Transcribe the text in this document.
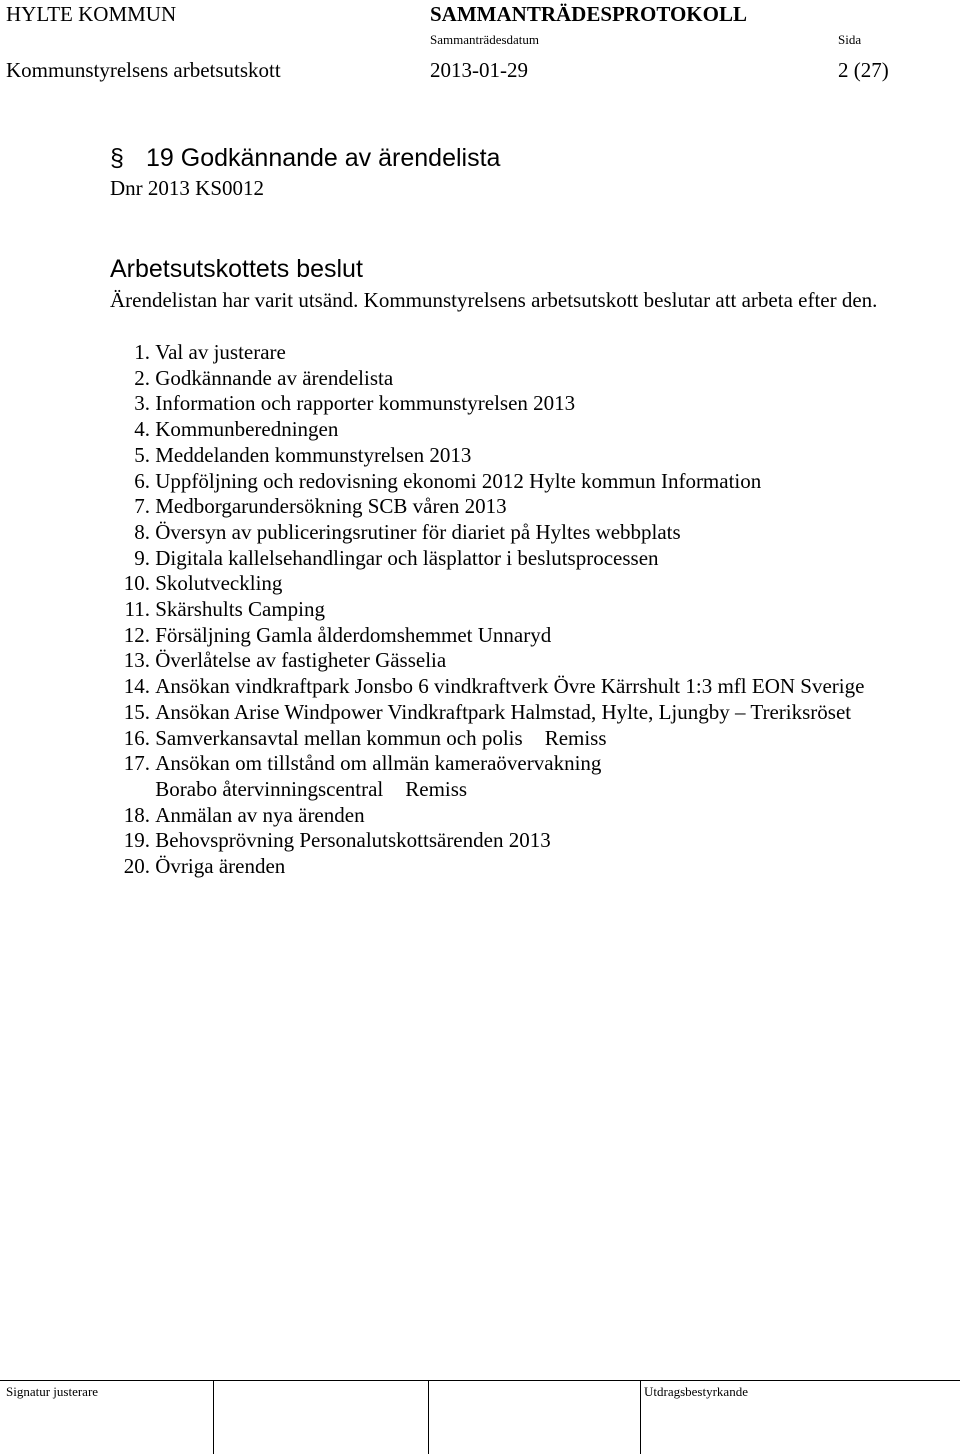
HYLTE KOMMUN	SAMMANTRÄDESPROTOKOLL
Sammanträdesdatum	Sida
Kommunstyrelsens arbetsutskott	2013-01-29	2 (27)
§ 19 Godkännande av ärendelista
Dnr 2013 KS0012
Arbetsutskottets beslut
Ärendelistan har varit utsänd. Kommunstyrelsens arbetsutskott beslutar att arbeta efter den.
1. Val av justerare
2. Godkännande av ärendelista
3. Information och rapporter kommunstyrelsen 2013
4. Kommunberedningen
5. Meddelanden kommunstyrelsen 2013
6. Uppföljning och redovisning ekonomi 2012 Hylte kommun Information
7. Medborgarundersökning SCB våren 2013
8. Översyn av publiceringsrutiner för diariet på Hyltes webbplats
9. Digitala kallelsehandlingar och läsplattor i beslutsprocessen
10. Skolutveckling
11. Skärshults Camping
12. Försäljning Gamla ålderdomshemmet Unnaryd
13. Överlåtelse av fastigheter Gässelia
14. Ansökan vindkraftpark Jonsbo 6 vindkraftverk Övre Kärrshult 1:3 mfl EON Sverige
15. Ansökan Arise Windpower Vindkraftpark Halmstad, Hylte, Ljungby – Treriksröset
16. Samverkansavtal mellan kommun och polis Remiss
17. Ansökan om tillstånd om allmän kameraövervakning
Borabo återvinningscentral Remiss
18. Anmälan av nya ärenden
19. Behovsprövning Personalutskottsärenden 2013
20. Övriga ärenden
Signatur justerare	Utdragsbestyrkande
